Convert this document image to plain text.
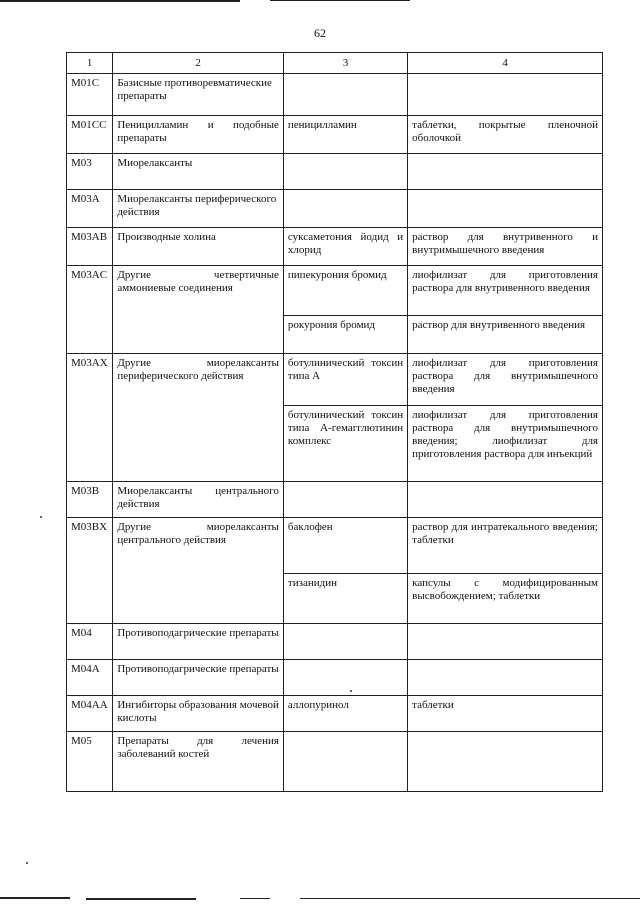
62
1	2	3	4
M01C	Базисные противоревматические препараты		
M01CC	Пеницилламин и подобные препараты	пеницилламин	таблетки, покрытые пленочной оболочкой
M03	Миорелаксанты		
M03A	Миорелаксанты периферического действия		
M03AB	Производные холина	суксаметония йодид и хлорид	раствор для внутривенного и внутримышечного введения
M03AC	Другие четвертичные аммониевые соединения	пипекурония бромид	лиофилизат для приготовления раствора для внутривенного введения
		рокурония бромид	раствор для внутривенного введения
M03AX	Другие миорелаксанты периферического действия	ботулинический токсин типа А	лиофилизат для приготовления раствора для внутримышечного введения
		ботулинический токсин типа А-гемагглютинин комплекс	лиофилизат для приготовления раствора для внутримышечного введения; лиофилизат для приготовления раствора для инъекций
M03B	Миорелаксанты центрального действия		
M03BX	Другие миорелаксанты центрального действия	баклофен	раствор для интратекального введения; таблетки
		тизанидин	капсулы с модифицированным высвобождением; таблетки
M04	Противоподагрические препараты		
M04A	Противоподагрические препараты		
M04AA	Ингибиторы образования мочевой кислоты	аллопуринол	таблетки
M05	Препараты для лечения заболеваний костей		
